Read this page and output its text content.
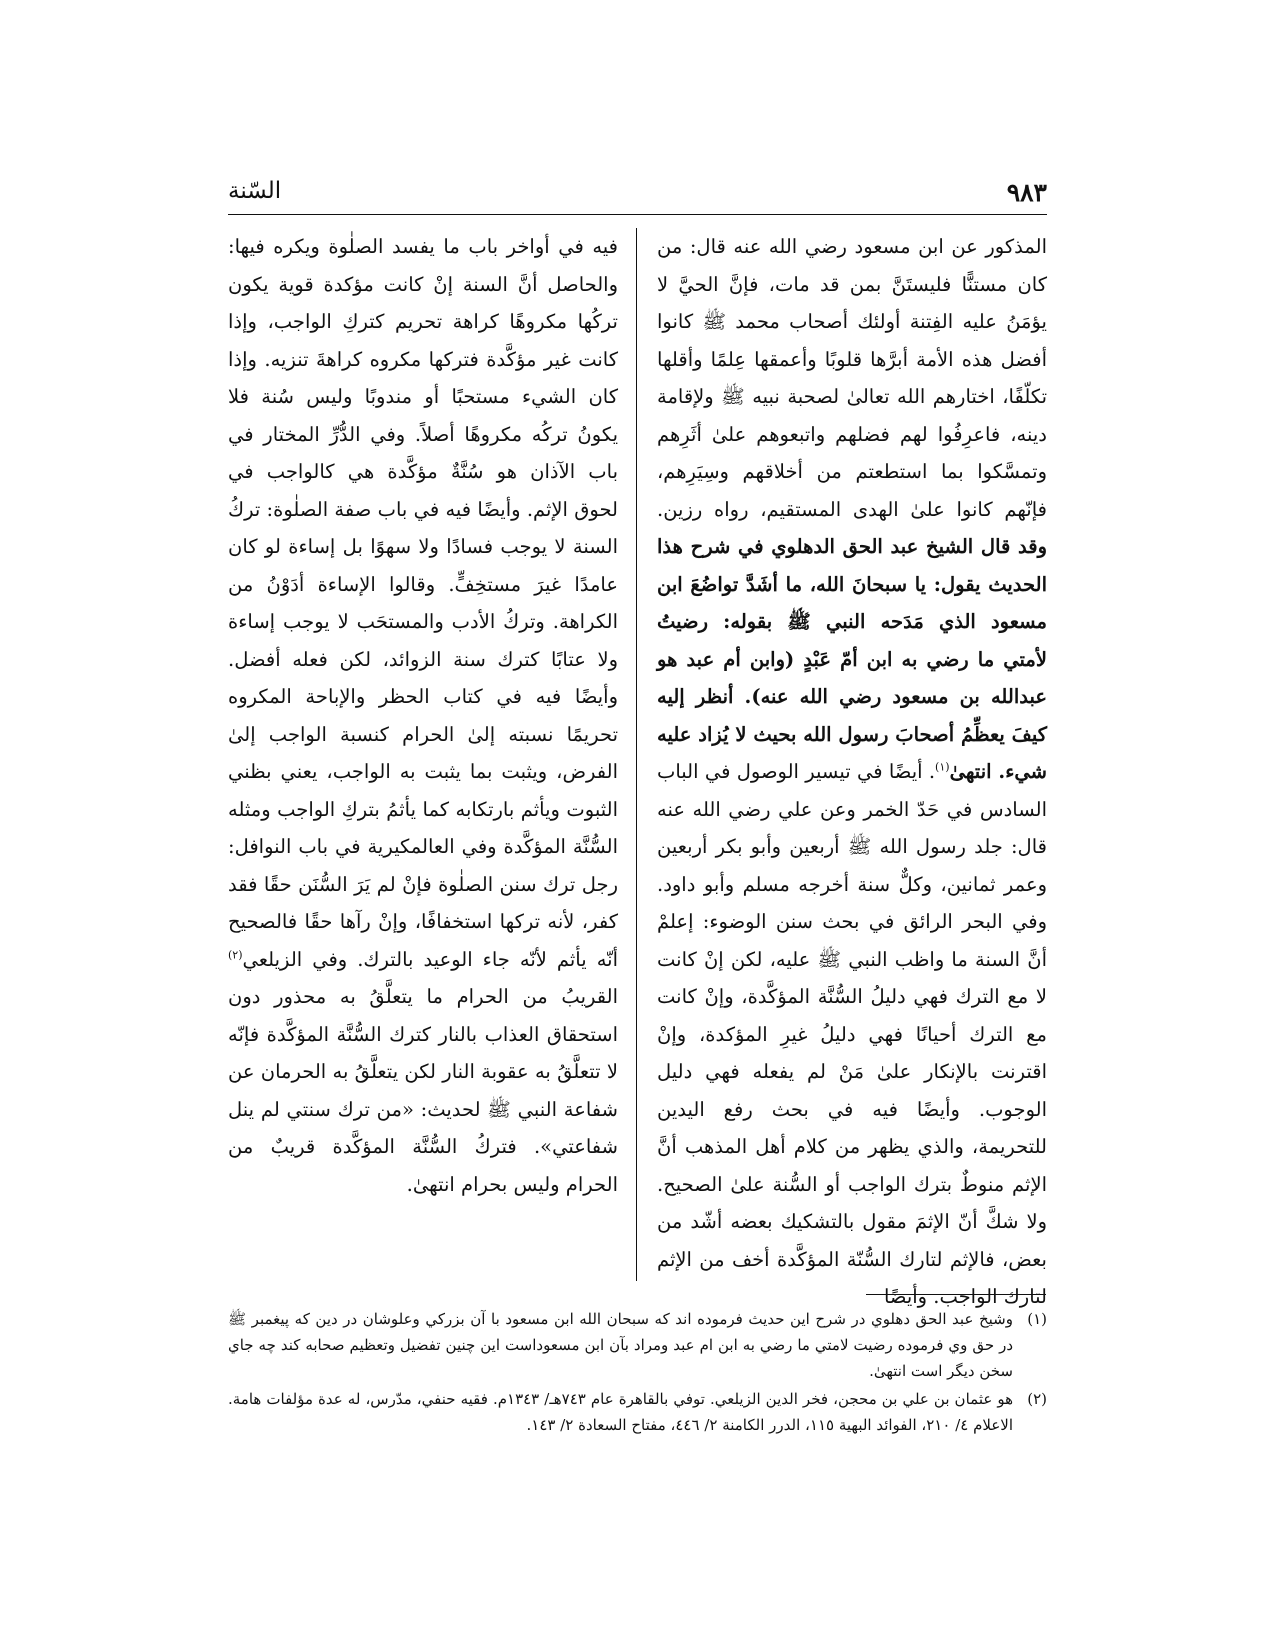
٩٨٣
السّنة

المذكور عن ابن مسعود رضي الله عنه قال: من كان مستنًّا فليستَنَّ بمن قد مات، فإنَّ الحيَّ لا يؤمَنُ عليه الفِتنة أولئك أصحاب محمد ﷺ كانوا أفضل هذه الأمة أبرَّها قلوبًا وأعمقها عِلمًا وأقلها تكلّفًا، اختارهم الله تعالىٰ لصحبة نبيه ﷺ ولإقامة دينه، فاعرِفُوا لهم فضلهم واتبعوهم علىٰ أثَرِهم وتمسَّكوا بما استطعتم من أخلاقهم وسِيَرِهم، فإنّهم كانوا علىٰ الهدى المستقيم، رواه رزين. وقد قال الشيخ عبد الحق الدهلوي في شرح هذا الحديث يقول: يا سبحانَ الله، ما أشَدَّ تواضُعَ ابن مسعود الذي مَدَحه النبي ﷺ بقوله: رضيتُ لأمتي ما رضي به ابن أمّ عَبْدٍ (وابن أم عبد هو عبدالله بن مسعود رضي الله عنه). أنظر إليه كيفَ يعظِّمُ أصحابَ رسول الله بحيث لا يُزاد عليه شيء. انتهىٰ$^{(١)}$. أيضًا في تيسير الوصول في الباب السادس في حَدّ الخمر وعن علي رضي الله عنه قال: جلد رسول الله ﷺ أربعين وأبو بكر أربعين وعمر ثمانين، وكلٌّ سنة أخرجه مسلم وأبو داود. وفي البحر الرائق في بحث سنن الوضوء: إعلمْ أنَّ السنة ما واظب النبي ﷺ عليه، لكن إنْ كانت لا مع الترك فهي دليلُ السُّنَّة المؤكَّدة، وإنْ كانت مع الترك أحيانًا فهي دليلُ غيرِ المؤكدة، وإنْ اقترنت بالإنكار علىٰ مَنْ لم يفعله فهي دليل الوجوب. وأيضًا فيه في بحث رفع اليدين للتحريمة، والذي يظهر من كلام أهل المذهب أنَّ الإثم منوطٌ بترك الواجب أو السُّنة علىٰ الصحيح. ولا شكَّ أنّ الإثمَ مقول بالتشكيك بعضه أشّد من بعض، فالإثم لتارك السُّنّة المؤكَّدة أخف من الإثم لتارك الواجب. وأيضًا

فيه في أواخر باب ما يفسد الصلٰوة ويكره فيها: والحاصل أنَّ السنة إنْ كانت مؤكدة قوية يكون تركُها مكروهًا كراهة تحريم كتركِ الواجب، وإذا كانت غير مؤكَّدة فتركها مكروه كراهةَ تنزيه. وإذا كان الشيء مستحبًا أو مندوبًا وليس سُنة فلا يكونُ تركُه مكروهًا أصلاً. وفي الدُّرِّ المختار في باب الآذان هو سُنَّةٌ مؤكَّدة هي كالواجب في لحوق الإثم. وأيضًا فيه في باب صفة الصلٰوة: تركُ السنة لا يوجب فسادًا ولا سهوًا بل إساءة لو كان عامدًا غيرَ مستخِفٍّ. وقالوا الإساءة أدَوْنُ من الكراهة. وتركُ الأدب والمستحَب لا يوجب إساءة ولا عتابًا كترك سنة الزوائد، لكن فعله أفضل. وأيضًا فيه في كتاب الحظر والإباحة المكروه تحريمًا نسبته إلىٰ الحرام كنسبة الواجب إلىٰ الفرض، ويثبت بما يثبت به الواجب، يعني بظني الثبوت ويأثم بارتكابه كما يأثمُ بتركِ الواجب ومثله السُّنَّة المؤكَّدة وفي العالمكيرية في باب النوافل: رجل ترك سنن الصلٰوة فإنْ لم يَرَ السُّنَن حقًا فقد كفر، لأنه تركها استخفافًا، وإنْ رآها حقًا فالصحيح أنّه يأثم لأنّه جاء الوعيد بالترك. وفي الزيلعي$^{(٢)}$ القريبُ من الحرام ما يتعلَّقُ به محذور دون استحقاق العذاب بالنار كترك السُّنَّة المؤكَّدة فإنّه لا تتعلَّقُ به عقوبة النار لكن يتعلَّقُ به الحرمان عن شفاعة النبي ﷺ لحديث: «من ترك سنتي لم ينل شفاعتي». فتركُ السُّنَّة المؤكَّدة قريبٌ من الحرام وليس بحرام انتهىٰ.

(١)
وشيخ عبد الحق دهلوي در شرح اين حديث فرموده اند كه سبحان الله ابن مسعود با آن بزركي وعلوشان در دين كه پيغمبر ﷺ در حق وي فرموده رضيت لامتي ما رضي به ابن ام عبد ومراد بآن ابن مسعوداست اين چنين تفضيل وتعظيم صحابه كند چه جاي سخن ديگر است انتهىٰ.

(٢)
هو عثمان بن علي بن محجن، فخر الدين الزيلعي. توفي بالقاهرة عام ٧٤٣هـ/ ١٣٤٣م. فقيه حنفي، مدّرس، له عدة مؤلفات هامة. الاعلام ٤/ ٢١٠، الفوائد البهية ١١٥، الدرر الكامنة ٢/ ٤٤٦، مفتاح السعادة ٢/ ١٤٣.
